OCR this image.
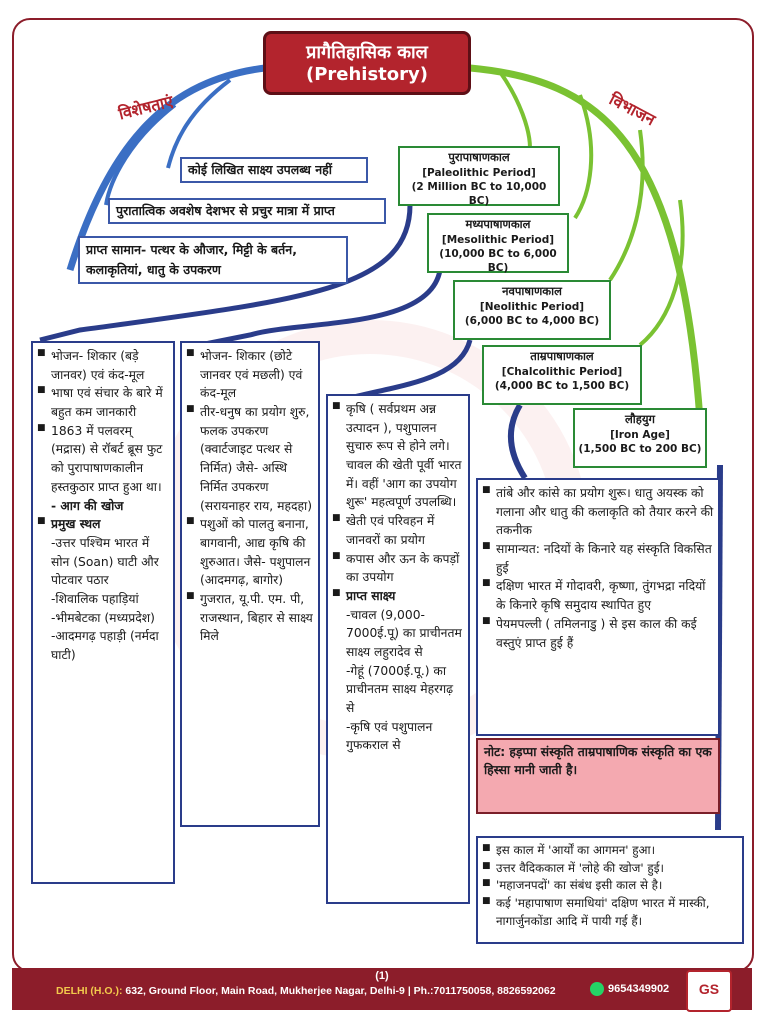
प्रागैतिहासिक काल
(Prehistory)
विशेषताएं	विभाजन
कोई लिखित साक्ष्य उपलब्ध नहीं
पुरातात्विक अवशेष देशभर से प्रचुर मात्रा में प्राप्त
प्राप्त सामान- पत्थर के औजार, मिट्टी के बर्तन, कलाकृतियां, धातु के उपकरण
पुरापाषाणकाल
[Paleolithic Period]
(2 Million BC to 10,000 BC)
मध्यपाषाणकाल
[Mesolithic Period]
(10,000 BC to 6,000 BC)
नवपाषाणकाल
[Neolithic Period]
(6,000 BC to 4,000 BC)
ताम्रपाषाणकाल
[Chalcolithic Period]
(4,000 BC to 1,500 BC)
लौहयुग
[Iron Age]
(1,500 BC to 200 BC)
■ भोजन- शिकार (बड़े जानवर) एवं कंद-मूल
■ भाषा एवं संचार के बारे में बहुत कम जानकारी
■ 1863 में पलवरम् (मद्रास) से रॉबर्ट ब्रूस फुट को पुरापाषाणकालीन हस्तकुठार प्राप्त हुआ था।
- आग की खोज
■ प्रमुख स्थल
-उत्तर पश्चिम भारत में सोन (Soan) घाटी और पोटवार पठार
-शिवालिक पहाड़ियां
-भीमबेटका (मध्यप्रदेश)
-आदमगढ़ पहाड़ी (नर्मदा घाटी)
■ भोजन- शिकार (छोटे जानवर एवं मछली) एवं कंद-मूल
■ तीर-धनुष का प्रयोग शुरु, फलक उपकरण (क्वार्टजाइट पत्थर से निर्मित) जैसे- अस्थि निर्मित उपकरण (सरायनाहर राय, महदहा)
■ पशुओं को पालतु बनाना, बागवानी, आद्य कृषि की शुरुआत। जैसे- पशुपालन (आदमगढ़, बागोर)
■ गुजरात, यू.पी. एम. पी, राजस्थान, बिहार से साक्ष्य मिले
■ कृषि ( सर्वप्रथम अन्न उत्पादन ), पशुपालन सुचारु रूप से होने लगे। चावल की खेती पूर्वी भारत में। वहीं 'आग का उपयोग शुरू' महत्वपूर्ण उपलब्धि।
■ खेती एवं परिवहन में जानवरों का प्रयोग
■ कपास और ऊन के कपड़ों का उपयोग
■ प्राप्त साक्ष्य
-चावल (9,000-7000ई.पू) का प्राचीनतम साक्ष्य लहुरादेव से
-गेहूं (7000ई.पू.) का प्राचीनतम साक्ष्य मेहरगढ़ से
-कृषि एवं पशुपालन गुफकराल से
■ तांबे और कांसे का प्रयोग शुरू। धातु अयस्क को गलाना और धातु की कलाकृति को तैयार करने की तकनीक
■ सामान्यत: नदियों के किनारे यह संस्कृति विकसित हुई
■ दक्षिण भारत में गोदावरी, कृष्णा, तुंगभद्रा नदियों के किनारे कृषि समुदाय स्थापित हुए
■ पेयमपल्ली ( तमिलनाडु ) से इस काल की कई वस्तुएं प्राप्त हुई हैं
नोट: हड़प्पा संस्कृति ताम्रपाषाणिक संस्कृति का एक हिस्सा मानी जाती है।
■ इस काल में 'आर्यों का आगमन' हुआ।
■ उत्तर वैदिककाल में 'लोहे की खोज' हुई।
■ 'महाजनपदों' का संबंध इसी काल से है।
■ कई 'महापाषाण समाधियां' दक्षिण भारत में मास्की, नागार्जुनकोंडा आदि में पायी गई हैं।
(1)
DELHI (H.O.): 632, Ground Floor, Main Road, Mukherjee Nagar, Delhi-9 | Ph.:7011750058, 8826592062	9654349902	GS
